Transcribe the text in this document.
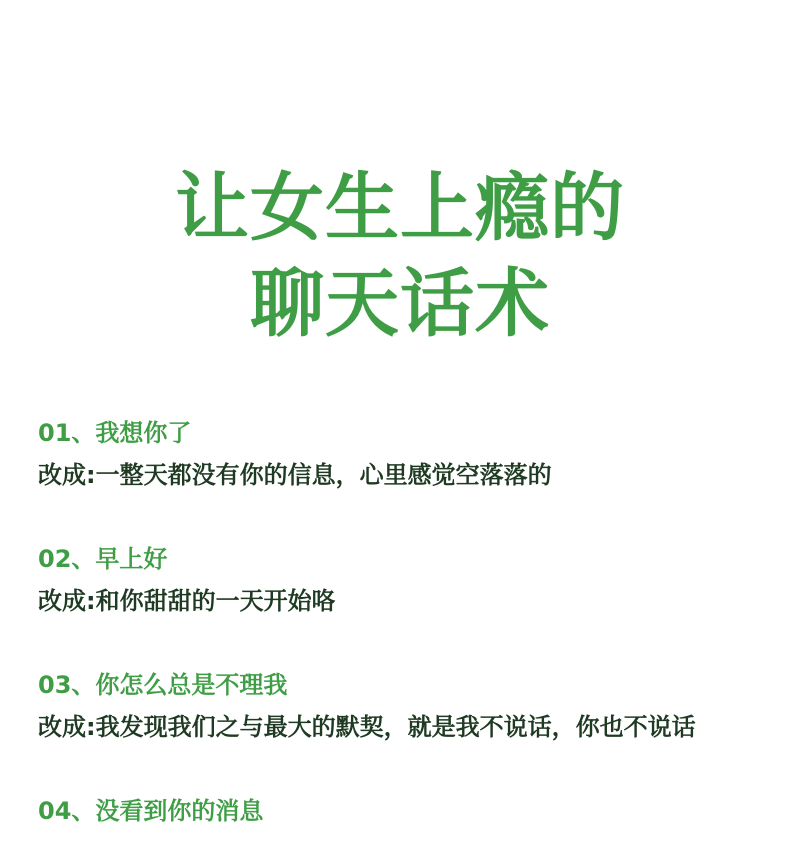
让女生上瘾的
聊天话术
01、我想你了
改成:一整天都没有你的信息，心里感觉空落落的
02、早上好
改成:和你甜甜的一天开始咯
03、你怎么总是不理我
改成:我发现我们之与最大的默契，就是我不说话，你也不说话
04、没看到你的消息
